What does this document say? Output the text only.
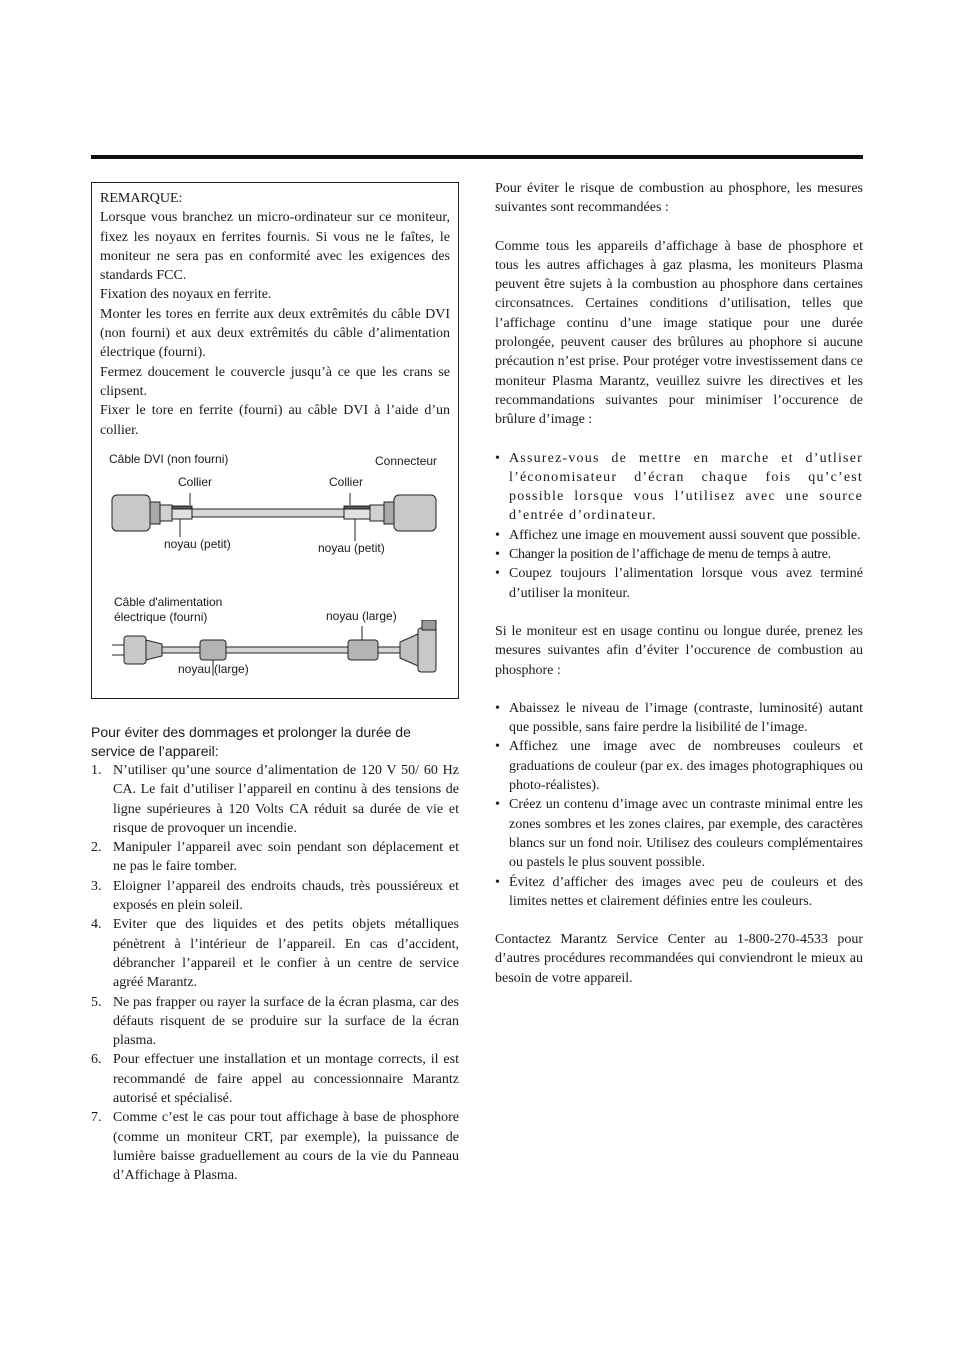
REMARQUE:

Lorsque vous branchez un micro-ordinateur sur ce moniteur, fixez les noyaux en ferrites fournis. Si vous ne le faîtes, le moniteur ne sera pas en conformité avec les exigences des standards FCC.

Fixation des noyaux en ferrite.

Monter les tores en ferrite aux deux extrêmités du câble DVI (non fourni) et aux deux extrêmités du câble d’alimentation électrique (fourni).

Fermez doucement le couvercle jusqu’à ce que les crans se clipsent.

Fixer le tore en ferrite (fourni) au câble DVI à l’aide d’un collier.

Câble DVI (non fourni)	Connecteur
Collier	Collier
noyau (petit)	noyau (petit)
Câble d'alimentation
électrique (fourni)	noyau (large)
noyau (large)

Pour éviter des dommages et prolonger la durée de service de l’appareil:

1. N’utiliser qu’une source d’alimentation de 120 V 50/ 60 Hz CA. Le fait d’utiliser l’appareil en continu à des tensions de ligne supérieures à 120 Volts CA réduit sa durée de vie et risque de provoquer un incendie.
2. Manipuler l’appareil avec soin pendant son déplacement et ne pas le faire tomber.
3. Eloigner l’appareil des endroits chauds, très poussiéreux et exposés en plein soleil.
4. Eviter que des liquides et des petits objets métalliques pénètrent à l’intérieur de l’appareil. En cas d’accident, débrancher l’appareil et le confier à un centre de service agréé Marantz.
5. Ne pas frapper ou rayer la surface de la écran plasma, car des défauts risquent de se produire sur la surface de la écran plasma.
6. Pour effectuer une installation et un montage corrects, il est recommandé de faire appel au concessionnaire Marantz autorisé et spécialisé.
7. Comme c’est le cas pour tout affichage à base de phosphore (comme un moniteur CRT, par exemple), la puissance de lumière baisse graduellement au cours de la vie du Panneau d’Affichage à Plasma.

Pour éviter le risque de combustion au phosphore, les mesures suivantes sont recommandées :

Comme tous les appareils d’affichage à base de phosphore et tous les autres affichages à gaz plasma, les moniteurs Plasma peuvent être sujets à la combustion au phosphore dans certaines circonsatnces. Certaines conditions d’utilisation, telles que l’affichage continu d’une image statique pour une durée prolongée, peuvent causer des brûlures au phophore si aucune précaution n’est prise. Pour protéger votre investissement dans ce moniteur Plasma Marantz, veuillez suivre les directives et les recommandations suivantes pour minimiser l’occurence de brûlure d’image :

• Assurez-vous de mettre en marche et d’utliser l’économisateur d’écran chaque fois qu’c’est possible lorsque vous l’utilisez avec une source d’entrée d’ordinateur.
• Affichez une image en mouvement aussi souvent que possible.
• Changer la position de l’affichage de menu de temps à autre.
• Coupez toujours l’alimentation lorsque vous avez terminé d’utiliser la moniteur.

Si le moniteur est en usage continu ou longue durée, prenez les mesures suivantes afin d’éviter l’occurence de combustion au phosphore :

• Abaissez le niveau de l’image (contraste, luminosité) autant que possible, sans faire perdre la lisibilité de l’image.
• Affichez une image avec de nombreuses couleurs et graduations de couleur (par ex. des images photographiques ou photo-réalistes).
• Créez un contenu d’image avec un contraste minimal entre les zones sombres et les zones claires, par exemple, des caractères blancs sur un fond noir. Utilisez des couleurs complémentaires ou pastels le plus souvent possible.
• Évitez d’afficher des images avec peu de couleurs et des limites nettes et clairement définies entre les couleurs.

Contactez Marantz Service Center au 1-800-270-4533 pour d’autres procédures recommandées qui conviendront le mieux au besoin de votre appareil.
